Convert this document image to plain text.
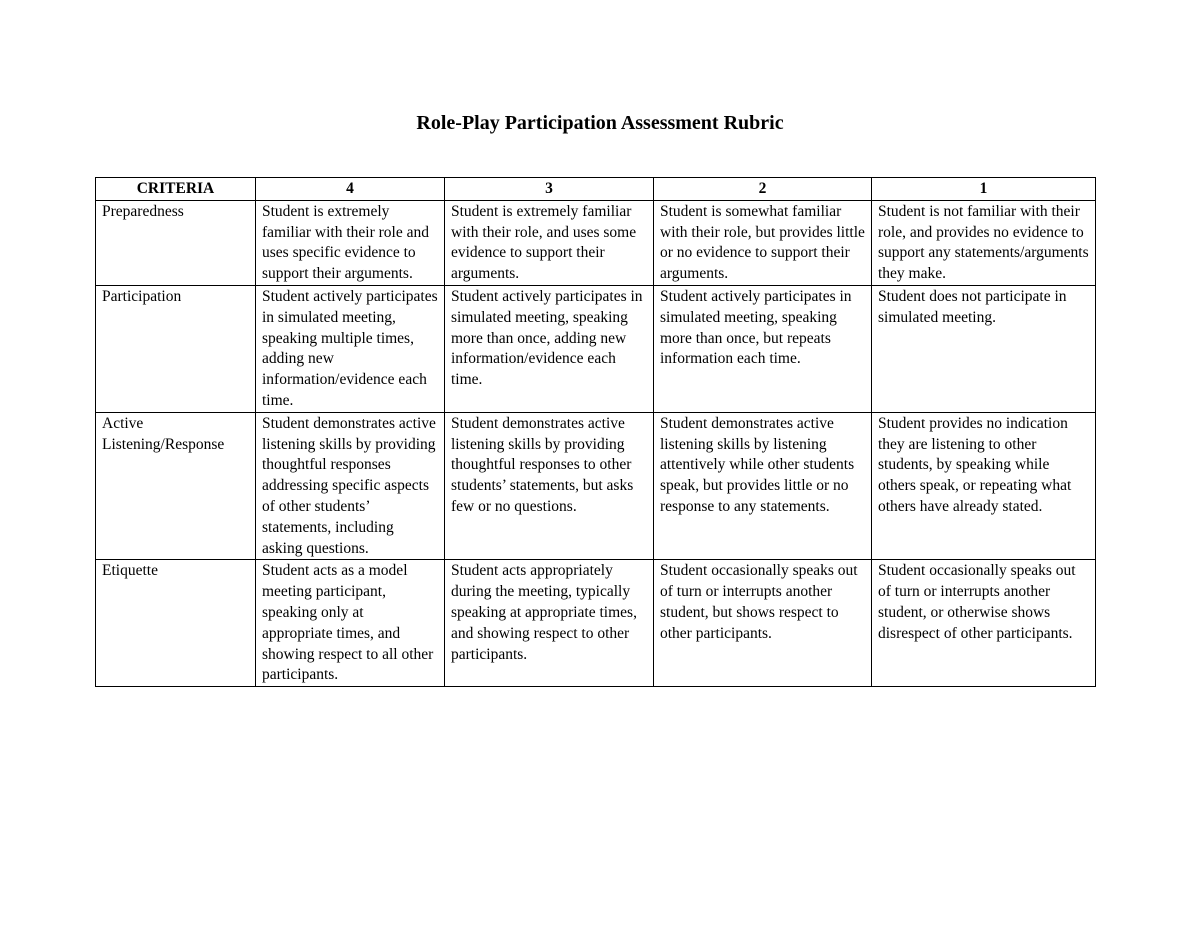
Role-Play Participation Assessment Rubric
CRITERIA	4	3	2	1
Preparedness	Student is extremely familiar with their role and uses specific evidence to support their arguments.	Student is extremely familiar with their role, and uses some evidence to support their arguments.	Student is somewhat familiar with their role, but provides little or no evidence to support their arguments.	Student is not familiar with their role, and provides no evidence to support any statements/arguments they make.
Participation	Student actively participates in simulated meeting, speaking multiple times, adding new information/evidence each time.	Student actively participates in simulated meeting, speaking more than once, adding new information/evidence each time.	Student actively participates in simulated meeting, speaking more than once, but repeats information each time.	Student does not participate in simulated meeting.
Active Listening/Response	Student demonstrates active listening skills by providing thoughtful responses addressing specific aspects of other students’ statements, including asking questions.	Student demonstrates active listening skills by providing thoughtful responses to other students’ statements, but asks few or no questions.	Student demonstrates active listening skills by listening attentively while other students speak, but provides little or no response to any statements.	Student provides no indication they are listening to other students, by speaking while others speak, or repeating what others have already stated.
Etiquette	Student acts as a model meeting participant, speaking only at appropriate times, and showing respect to all other participants.	Student acts appropriately during the meeting, typically speaking at appropriate times, and showing respect to other participants.	Student occasionally speaks out of turn or interrupts another student, but shows respect to other participants.	Student occasionally speaks out of turn or interrupts another student, or otherwise shows disrespect of other participants.
